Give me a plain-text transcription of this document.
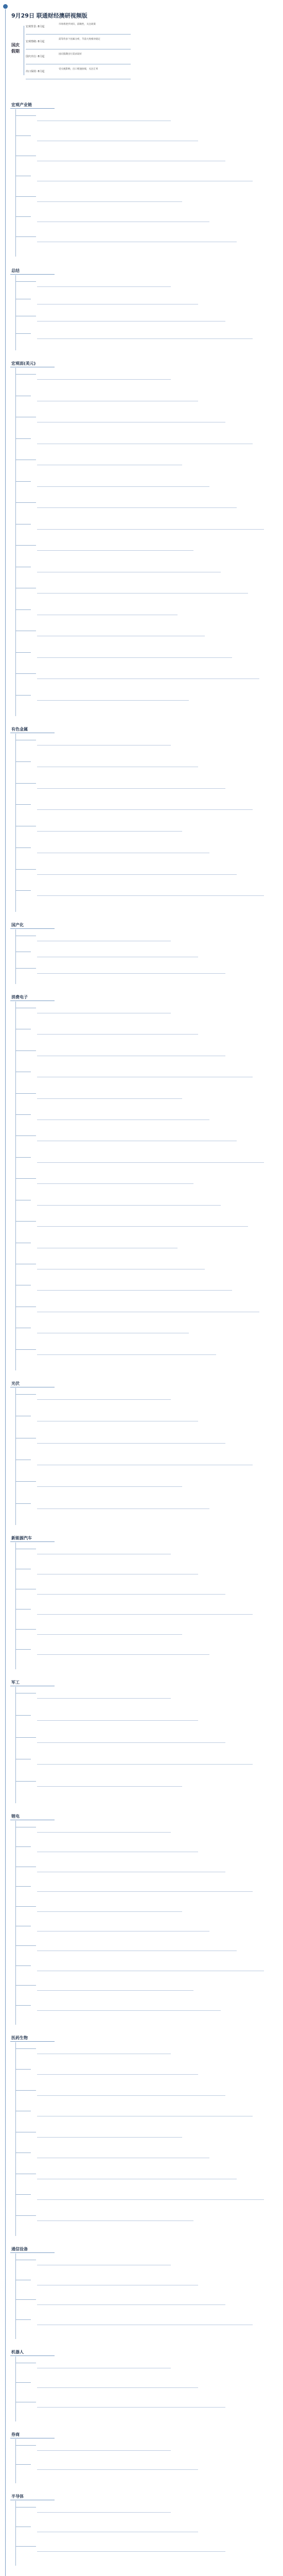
9月29日 联通财经澳研视频版
国庆假期
宏观背景: 8月起
市场将逐步回归，前瞻性，关注政策
宏观情绪: 8月起
需等待多个因素分析，节前大致相对稳定
国庆出行: 8月起
国庆假期出行需求较好
出口保持: 8月起
受关税影响，出口增速放缓，关注汇率
宏观产业链
总结
宏观面(美元)
有色金属
国产化
消费电子
光伏
新能源汽车
军工
锂电
医药生物
通信设备
机器人
券商
半导体
